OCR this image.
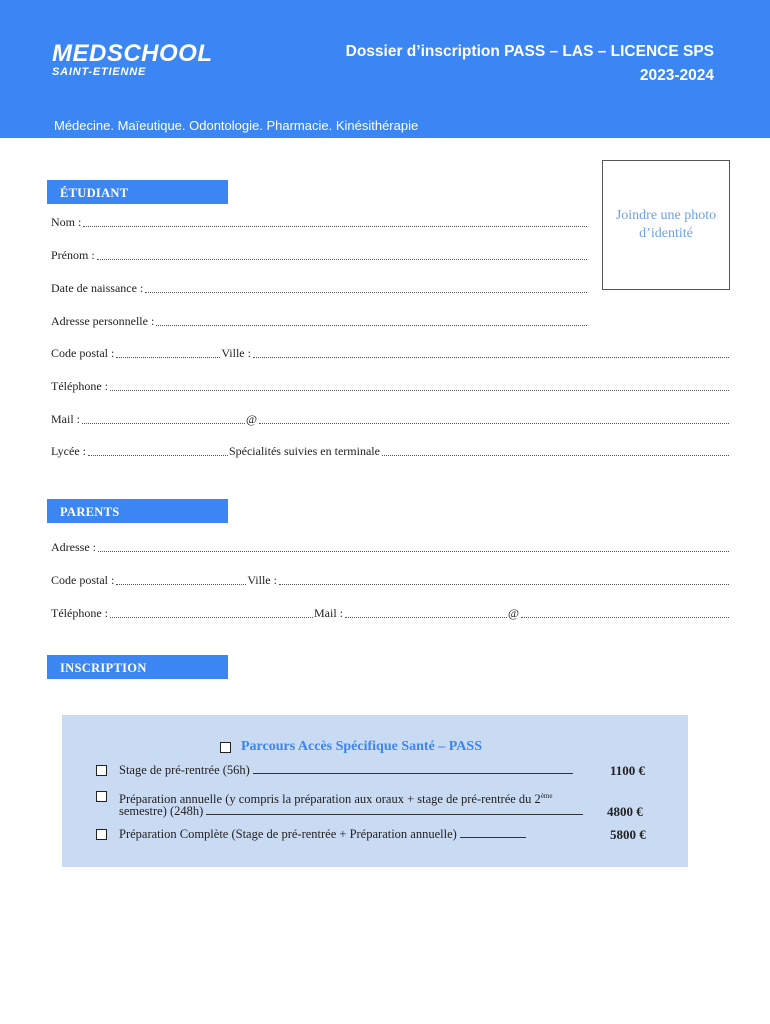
MEDSCHOOL
SAINT-ETIENNE
Dossier d’inscription PASS – LAS – LICENCE SPS
2023-2024
Médecine. Maïeutique. Odontologie. Pharmacie. Kinésithérapie
Joindre une photo
d’identité
ÉTUDIANT
Nom :
Prénom :
Date de naissance :
Adresse personnelle :
Code postal :	Ville :
Téléphone :
Mail :	@
Lycée :	Spécialités suivies en terminale
PARENTS
Adresse :
Code postal :	Ville :
Téléphone :	Mail :	@
INSCRIPTION
Parcours Accès Spécifique Santé – PASS
Stage de pré-rentrée (56h)	1100 €
Préparation annuelle (y compris la préparation aux oraux + stage de pré-rentrée du 2ème
semestre) (248h)	4800 €
Préparation Complète (Stage de pré-rentrée + Préparation annuelle)	5800 €
